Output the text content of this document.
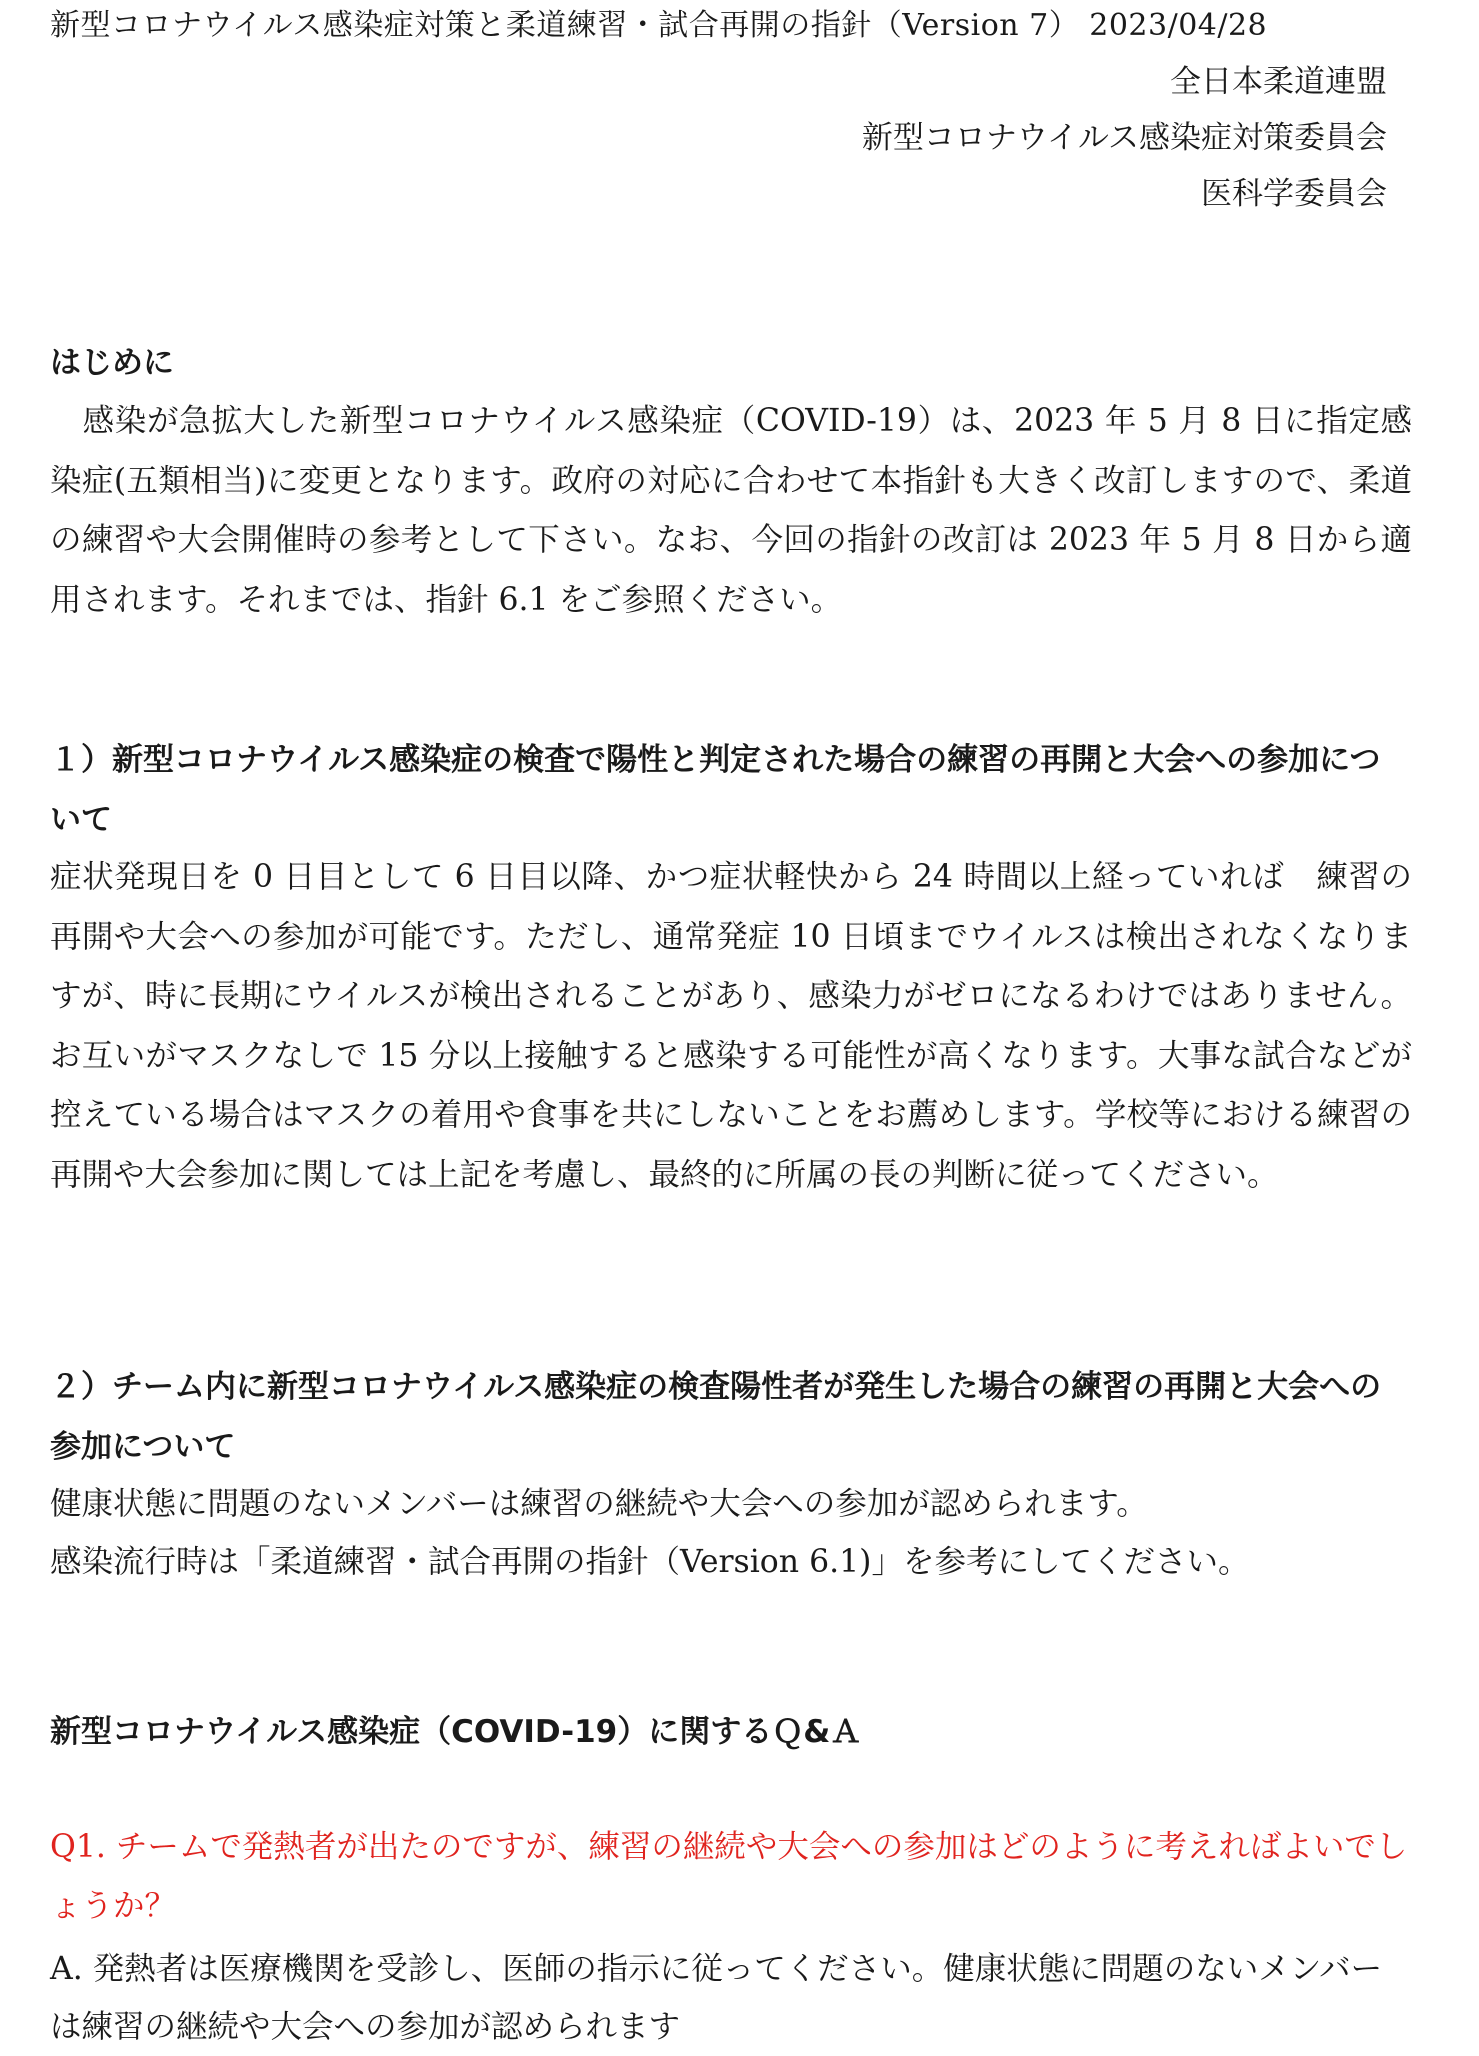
新型コロナウイルス感染症対策と柔道練習・試合再開の指針（Version 7） 2023/04/28
全日本柔道連盟
新型コロナウイルス感染症対策委員会
医科学委員会
はじめに
感染が急拡大した新型コロナウイルス感染症（COVID-19）は、2023 年 5 月 8 日に指定感染症(五類相当)に変更となります。政府の対応に合わせて本指針も大きく改訂しますので、柔道の練習や大会開催時の参考として下さい。なお、今回の指針の改訂は 2023 年 5 月 8 日から適用されます。それまでは、指針 6.1 をご参照ください。
１）新型コロナウイルス感染症の検査で陽性と判定された場合の練習の再開と大会への参加について
症状発現日を 0 日目として 6 日目以降、かつ症状軽快から 24 時間以上経っていれば　練習の再開や大会への参加が可能です。ただし、通常発症 10 日頃までウイルスは検出されなくなりますが、時に長期にウイルスが検出されることがあり、感染力がゼロになるわけではありません。お互いがマスクなしで 15 分以上接触すると感染する可能性が高くなります。大事な試合などが控えている場合はマスクの着用や食事を共にしないことをお薦めします。学校等における練習の再開や大会参加に関しては上記を考慮し、最終的に所属の長の判断に従ってください。
２）チーム内に新型コロナウイルス感染症の検査陽性者が発生した場合の練習の再開と大会への参加について
健康状態に問題のないメンバーは練習の継続や大会への参加が認められます。
感染流行時は「柔道練習・試合再開の指針（Version 6.1)」を参考にしてください。
新型コロナウイルス感染症（COVID-19）に関するＱ&Ａ
Q1. チームで発熱者が出たのですが、練習の継続や大会への参加はどのように考えればよいでしょうか？
A. 発熱者は医療機関を受診し、医師の指示に従ってください。健康状態に問題のないメンバーは練習の継続や大会への参加が認められます
